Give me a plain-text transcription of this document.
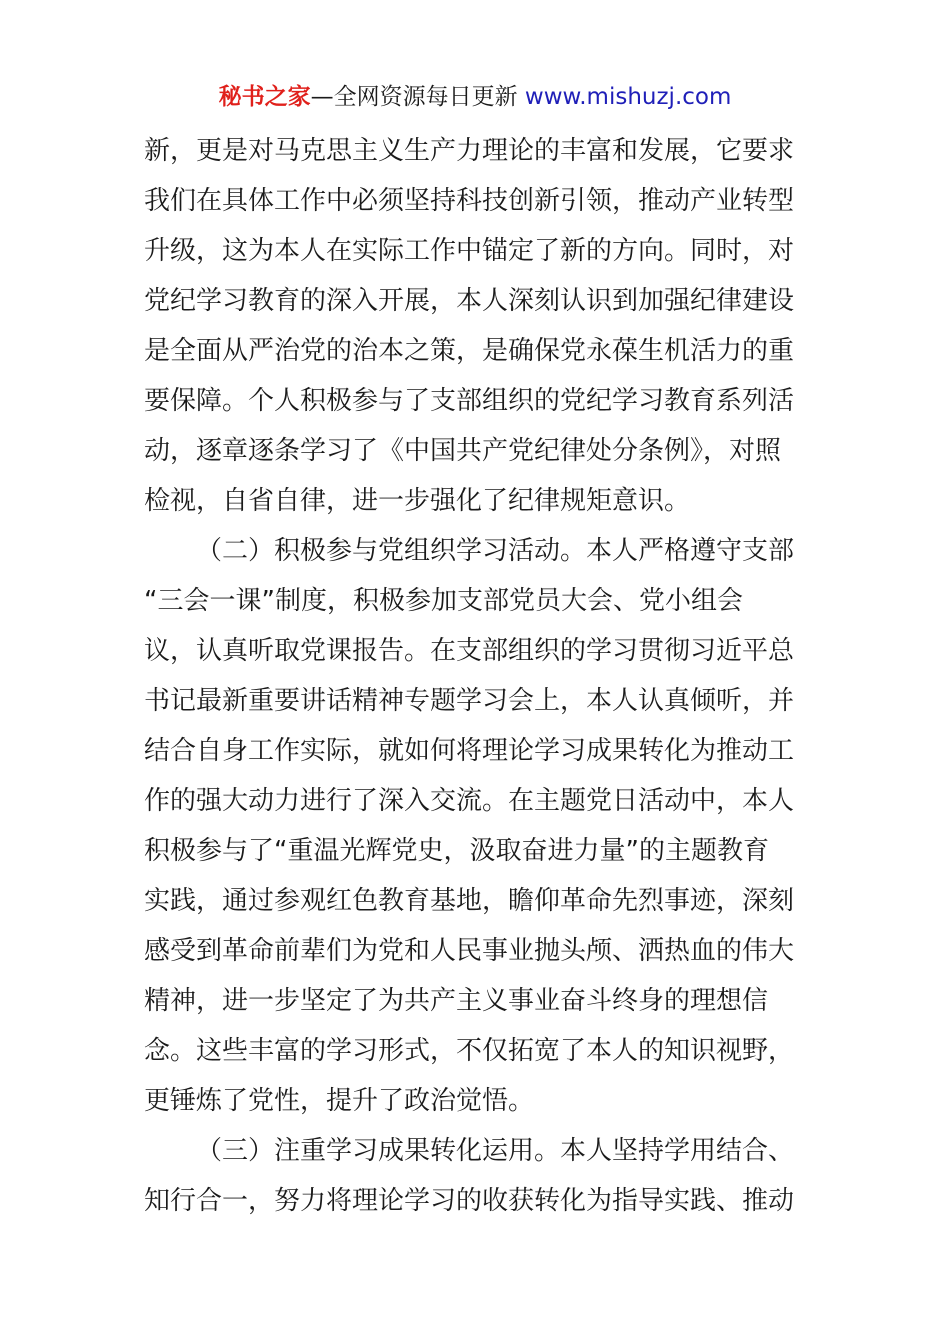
秘书之家—全网资源每日更新 www.mishuzj.com
新，更是对马克思主义生产力理论的丰富和发展，它要求
我们在具体工作中必须坚持科技创新引领，推动产业转型
升级，这为本人在实际工作中锚定了新的方向。同时，对
党纪学习教育的深入开展，本人深刻认识到加强纪律建设
是全面从严治党的治本之策，是确保党永葆生机活力的重
要保障。个人积极参与了支部组织的党纪学习教育系列活
动，逐章逐条学习了《中国共产党纪律处分条例》，对照
检视，自省自律，进一步强化了纪律规矩意识。
（二）积极参与党组织学习活动。本人严格遵守支部
“三会一课”制度，积极参加支部党员大会、党小组会
议，认真听取党课报告。在支部组织的学习贯彻习近平总
书记最新重要讲话精神专题学习会上，本人认真倾听，并
结合自身工作实际，就如何将理论学习成果转化为推动工
作的强大动力进行了深入交流。在主题党日活动中，本人
积极参与了“重温光辉党史，汲取奋进力量”的主题教育
实践，通过参观红色教育基地，瞻仰革命先烈事迹，深刻
感受到革命前辈们为党和人民事业抛头颅、洒热血的伟大
精神，进一步坚定了为共产主义事业奋斗终身的理想信
念。这些丰富的学习形式，不仅拓宽了本人的知识视野，
更锤炼了党性，提升了政治觉悟。
（三）注重学习成果转化运用。本人坚持学用结合、
知行合一，努力将理论学习的收获转化为指导实践、推动
